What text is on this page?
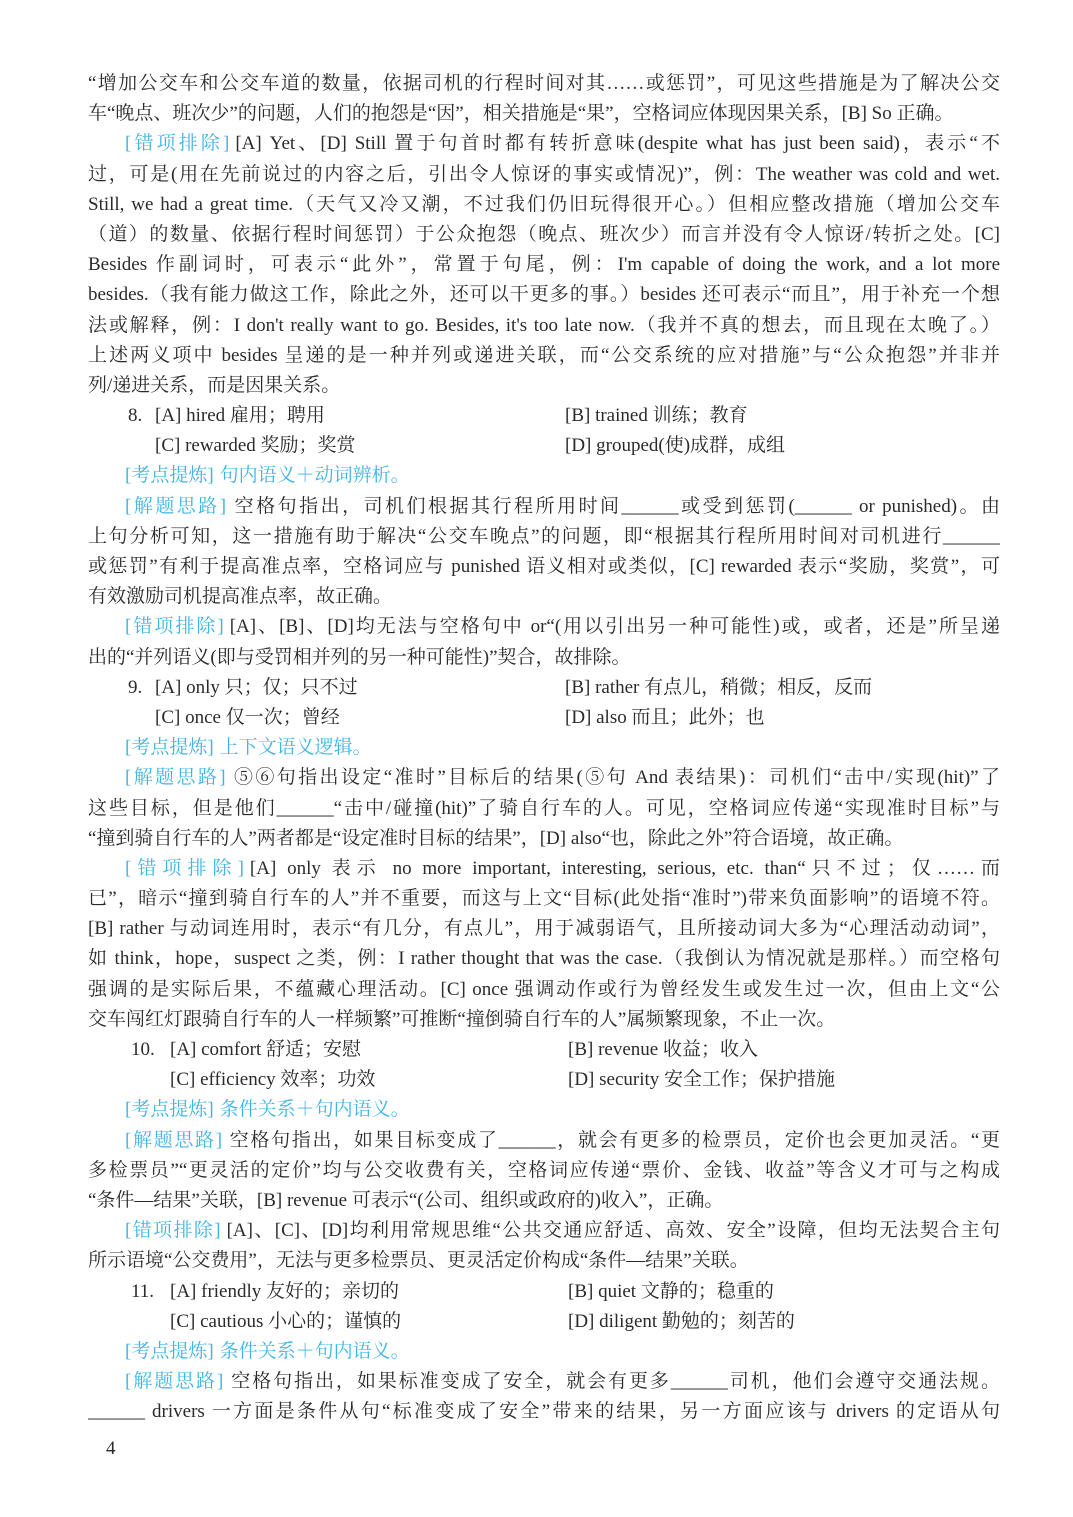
“增加公交车和公交车道的数量，依据司机的行程时间对其……或惩罚”，可见这些措施是为了解决公交
车“晚点、班次少”的问题，人们的抱怨是“因”，相关措施是“果”，空格词应体现因果关系，[B] So 正确。
[错项排除] [A] Yet、[D] Still 置于句首时都有转折意味(despite what has just been said)，表示“不
过，可是(用在先前说过的内容之后，引出令人惊讶的事实或情况)”，例：The weather was cold and wet.
Still, we had a great time.（天气又冷又潮，不过我们仍旧玩得很开心。）但相应整改措施（增加公交车
（道）的数量、依据行程时间惩罚）于公众抱怨（晚点、班次少）而言并没有令人惊讶/转折之处。[C]
Besides 作副词时，可表示“此外”，常置于句尾，例：I'm capable of doing the work, and a lot more
besides.（我有能力做这工作，除此之外，还可以干更多的事。）besides 还可表示“而且”，用于补充一个想
法或解释，例：I don't really want to go. Besides, it's too late now.（我并不真的想去，而且现在太晚了。）
上述两义项中 besides 呈递的是一种并列或递进关联，而“公交系统的应对措施”与“公众抱怨”并非并
列/递进关系，而是因果关系。
8. [A] hired 雇用；聘用	[B] trained 训练；教育
[C] rewarded 奖励；奖赏	[D] grouped(使)成群，成组
[考点提炼] 句内语义＋动词辨析。
[解题思路] 空格句指出，司机们根据其行程所用时间______或受到惩罚(______ or punished)。由
上句分析可知，这一措施有助于解决“公交车晚点”的问题，即“根据其行程所用时间对司机进行______
或惩罚”有利于提高准点率，空格词应与 punished 语义相对或类似，[C] rewarded 表示“奖励，奖赏”，可
有效激励司机提高准点率，故正确。
[错项排除] [A]、[B]、[D]均无法与空格句中 or“(用以引出另一种可能性)或，或者，还是”所呈递
出的“并列语义(即与受罚相并列的另一种可能性)”契合，故排除。
9. [A] only 只；仅；只不过	[B] rather 有点儿，稍微；相反，反而
[C] once 仅一次；曾经	[D] also 而且；此外；也
[考点提炼] 上下文语义逻辑。
[解题思路] ⑤⑥句指出设定“准时”目标后的结果(⑤句 And 表结果)：司机们“击中/实现(hit)”了
这些目标，但是他们______“击中/碰撞(hit)”了骑自行车的人。可见，空格词应传递“实现准时目标”与
“撞到骑自行车的人”两者都是“设定准时目标的结果”，[D] also“也，除此之外”符合语境，故正确。
[错项排除] [A] only 表示 no more important, interesting, serious, etc. than“只不过；仅……而
已”，暗示“撞到骑自行车的人”并不重要，而这与上文“目标(此处指“准时”)带来负面影响”的语境不符。
[B] rather 与动词连用时，表示“有几分，有点儿”，用于减弱语气，且所接动词大多为“心理活动动词”，
如 think，hope，suspect 之类，例：I rather thought that was the case.（我倒认为情况就是那样。）而空格句
强调的是实际后果，不蕴藏心理活动。[C] once 强调动作或行为曾经发生或发生过一次，但由上文“公
交车闯红灯跟骑自行车的人一样频繁”可推断“撞倒骑自行车的人”属频繁现象，不止一次。
10. [A] comfort 舒适；安慰	[B] revenue 收益；收入
[C] efficiency 效率；功效	[D] security 安全工作；保护措施
[考点提炼] 条件关系＋句内语义。
[解题思路] 空格句指出，如果目标变成了______，就会有更多的检票员，定价也会更加灵活。“更
多检票员”“更灵活的定价”均与公交收费有关，空格词应传递“票价、金钱、收益”等含义才可与之构成
“条件—结果”关联，[B] revenue 可表示“(公司、组织或政府的)收入”，正确。
[错项排除] [A]、[C]、[D]均利用常规思维“公共交通应舒适、高效、安全”设障，但均无法契合主句
所示语境“公交费用”，无法与更多检票员、更灵活定价构成“条件—结果”关联。
11. [A] friendly 友好的；亲切的	[B] quiet 文静的；稳重的
[C] cautious 小心的；谨慎的	[D] diligent 勤勉的；刻苦的
[考点提炼] 条件关系＋句内语义。
[解题思路] 空格句指出，如果标准变成了安全，就会有更多______司机，他们会遵守交通法规。
______ drivers 一方面是条件从句“标准变成了安全”带来的结果，另一方面应该与 drivers 的定语从句
4
